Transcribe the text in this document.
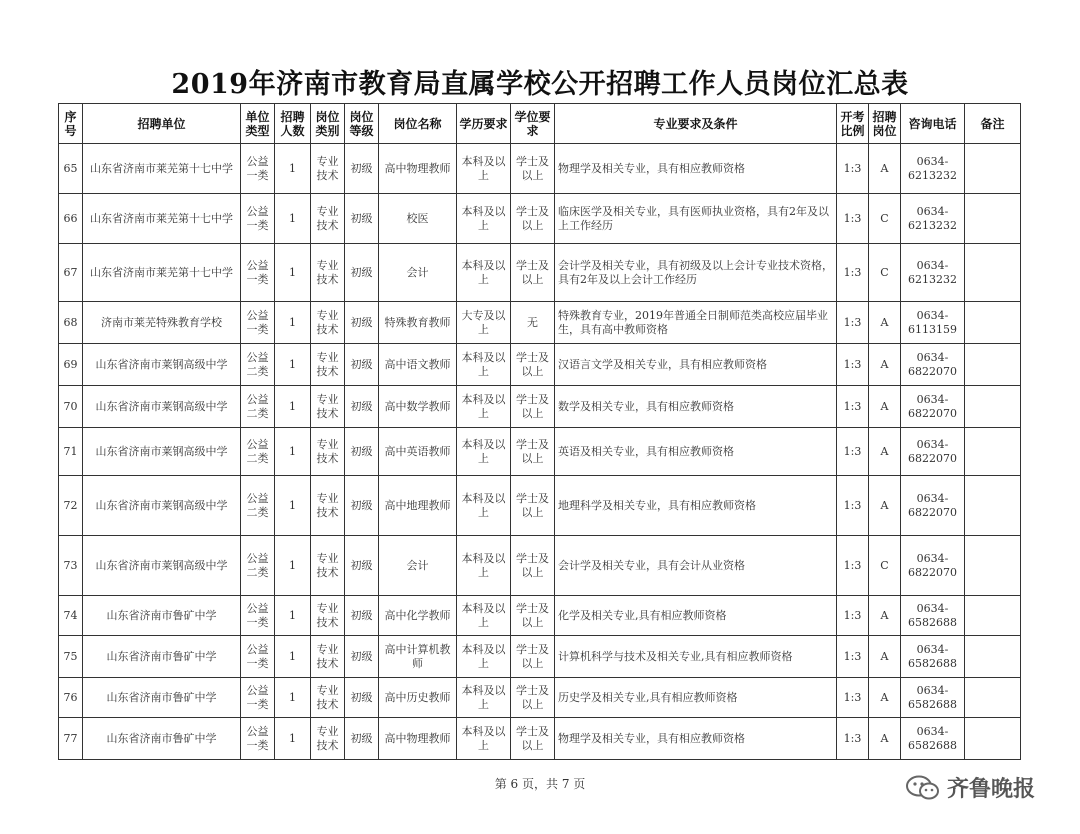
2019年济南市教育局直属学校公开招聘工作人员岗位汇总表
序号	招聘单位	单位类型	招聘人数	岗位类别	岗位等级	岗位名称	学历要求	学位要求	专业要求及条件	开考比例	招聘岗位	咨询电话	备注
65	山东省济南市莱芜第十七中学	公益一类	1	专业技术	初级	高中物理教师	本科及以上	学士及以上	物理学及相关专业，具有相应教师资格	1:3	A	0634-6213232	
66	山东省济南市莱芜第十七中学	公益一类	1	专业技术	初级	校医	本科及以上	学士及以上	临床医学及相关专业，具有医师执业资格，具有2年及以上工作经历	1:3	C	0634-6213232	
67	山东省济南市莱芜第十七中学	公益一类	1	专业技术	初级	会计	本科及以上	学士及以上	会计学及相关专业，具有初级及以上会计专业技术资格，具有2年及以上会计工作经历	1:3	C	0634-6213232	
68	济南市莱芜特殊教育学校	公益一类	1	专业技术	初级	特殊教育教师	大专及以上	无	特殊教育专业，2019年普通全日制师范类高校应届毕业生，具有高中教师资格	1:3	A	0634-6113159	
69	山东省济南市莱钢高级中学	公益二类	1	专业技术	初级	高中语文教师	本科及以上	学士及以上	汉语言文学及相关专业，具有相应教师资格	1:3	A	0634-6822070	
70	山东省济南市莱钢高级中学	公益二类	1	专业技术	初级	高中数学教师	本科及以上	学士及以上	数学及相关专业，具有相应教师资格	1:3	A	0634-6822070	
71	山东省济南市莱钢高级中学	公益二类	1	专业技术	初级	高中英语教师	本科及以上	学士及以上	英语及相关专业，具有相应教师资格	1:3	A	0634-6822070	
72	山东省济南市莱钢高级中学	公益二类	1	专业技术	初级	高中地理教师	本科及以上	学士及以上	地理科学及相关专业，具有相应教师资格	1:3	A	0634-6822070	
73	山东省济南市莱钢高级中学	公益二类	1	专业技术	初级	会计	本科及以上	学士及以上	会计学及相关专业，具有会计从业资格	1:3	C	0634-6822070	
74	山东省济南市鲁矿中学	公益一类	1	专业技术	初级	高中化学教师	本科及以上	学士及以上	化学及相关专业,具有相应教师资格	1:3	A	0634-6582688	
75	山东省济南市鲁矿中学	公益一类	1	专业技术	初级	高中计算机教师	本科及以上	学士及以上	计算机科学与技术及相关专业,具有相应教师资格	1:3	A	0634-6582688	
76	山东省济南市鲁矿中学	公益一类	1	专业技术	初级	高中历史教师	本科及以上	学士及以上	历史学及相关专业,具有相应教师资格	1:3	A	0634-6582688	
77	山东省济南市鲁矿中学	公益一类	1	专业技术	初级	高中物理教师	本科及以上	学士及以上	物理学及相关专业，具有相应教师资格	1:3	A	0634-6582688	
第 6 页，共 7 页	齐鲁晚报
